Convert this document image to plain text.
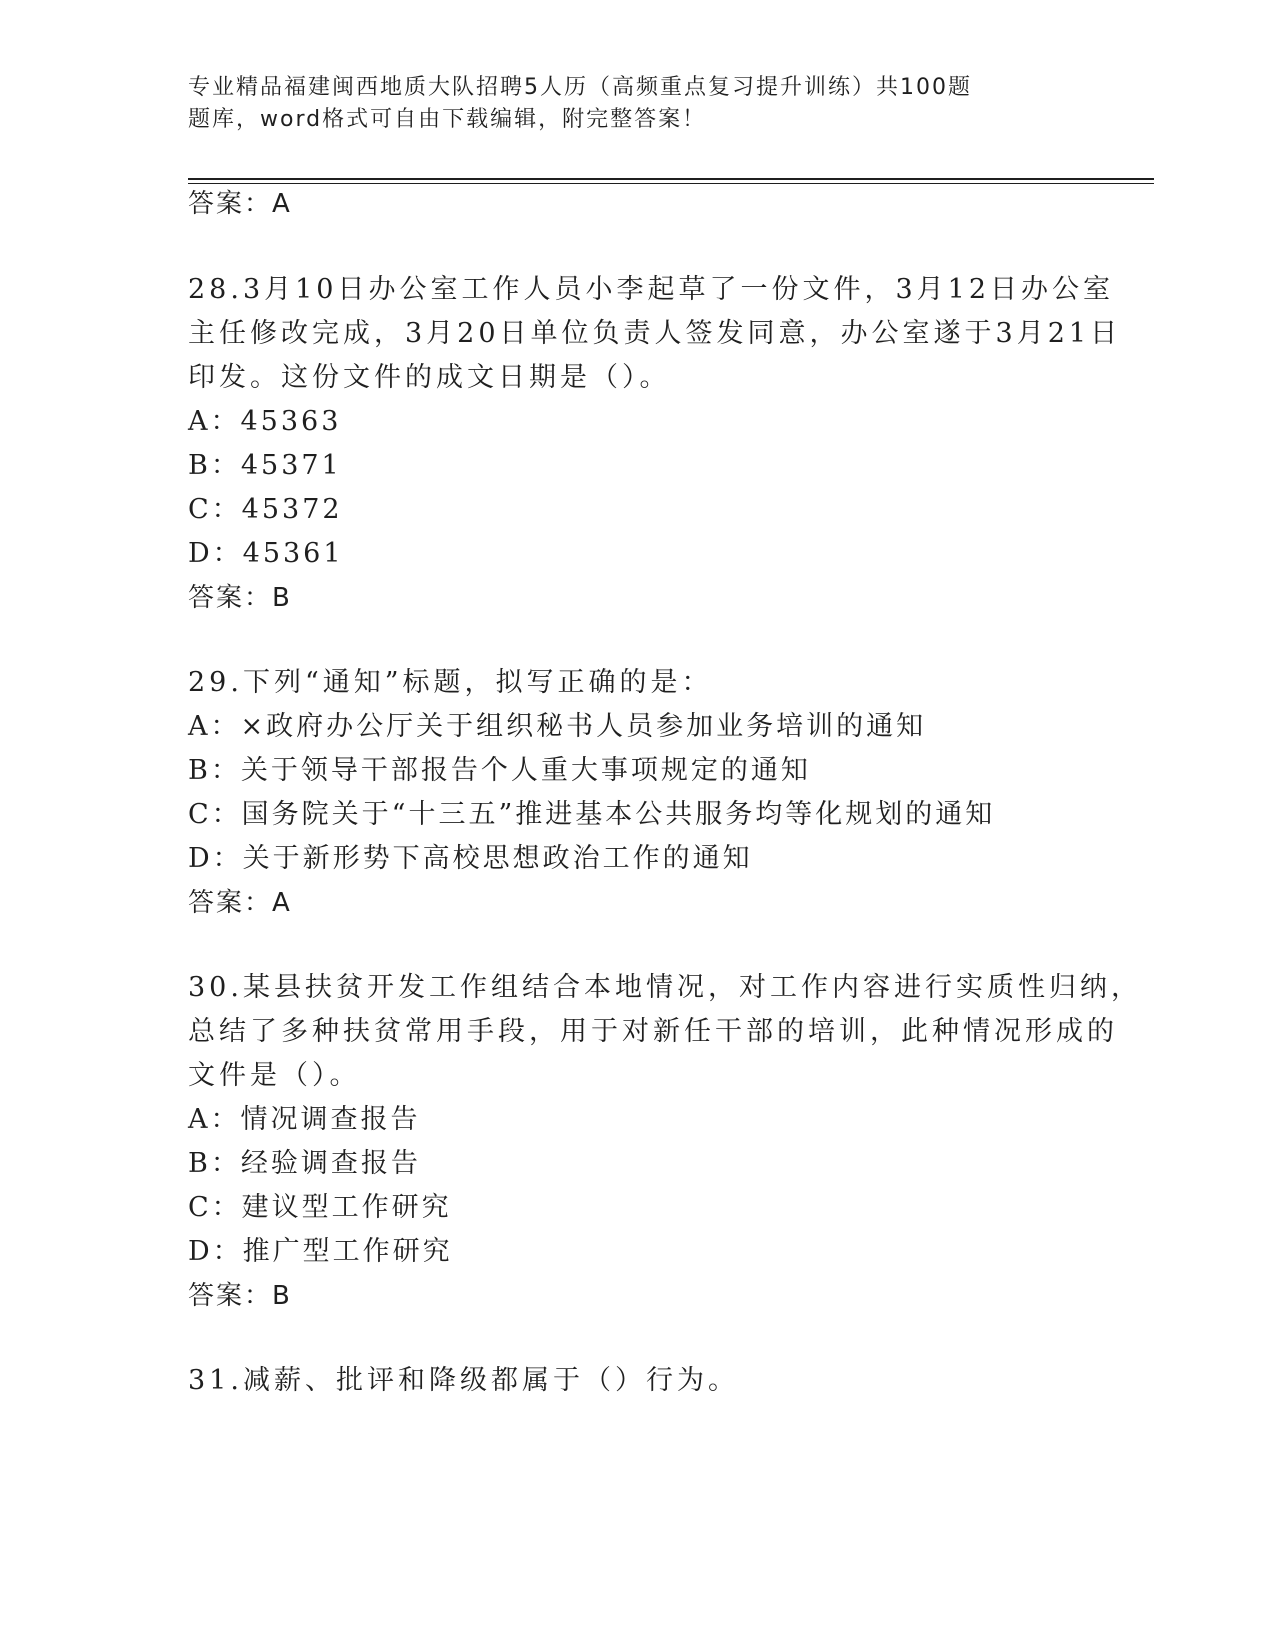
专业精品福建闽西地质大队招聘5人历（高频重点复习提升训练）共100题
题库，word格式可自由下载编辑，附完整答案！
答案：A
28.3月10日办公室工作人员小李起草了一份文件，3月12日办公室
主任修改完成，3月20日单位负责人签发同意，办公室遂于3月21日
印发。这份文件的成文日期是（）。
A：45363
B：45371
C：45372
D：45361
答案：B
29.下列“通知”标题，拟写正确的是：
A：×政府办公厅关于组织秘书人员参加业务培训的通知
B：关于领导干部报告个人重大事项规定的通知
C：国务院关于“十三五”推进基本公共服务均等化规划的通知
D：关于新形势下高校思想政治工作的通知
答案：A
30.某县扶贫开发工作组结合本地情况，对工作内容进行实质性归纳，
总结了多种扶贫常用手段，用于对新任干部的培训，此种情况形成的
文件是（）。
A：情况调查报告
B：经验调查报告
C：建议型工作研究
D：推广型工作研究
答案：B
31.减薪、批评和降级都属于（）行为。
